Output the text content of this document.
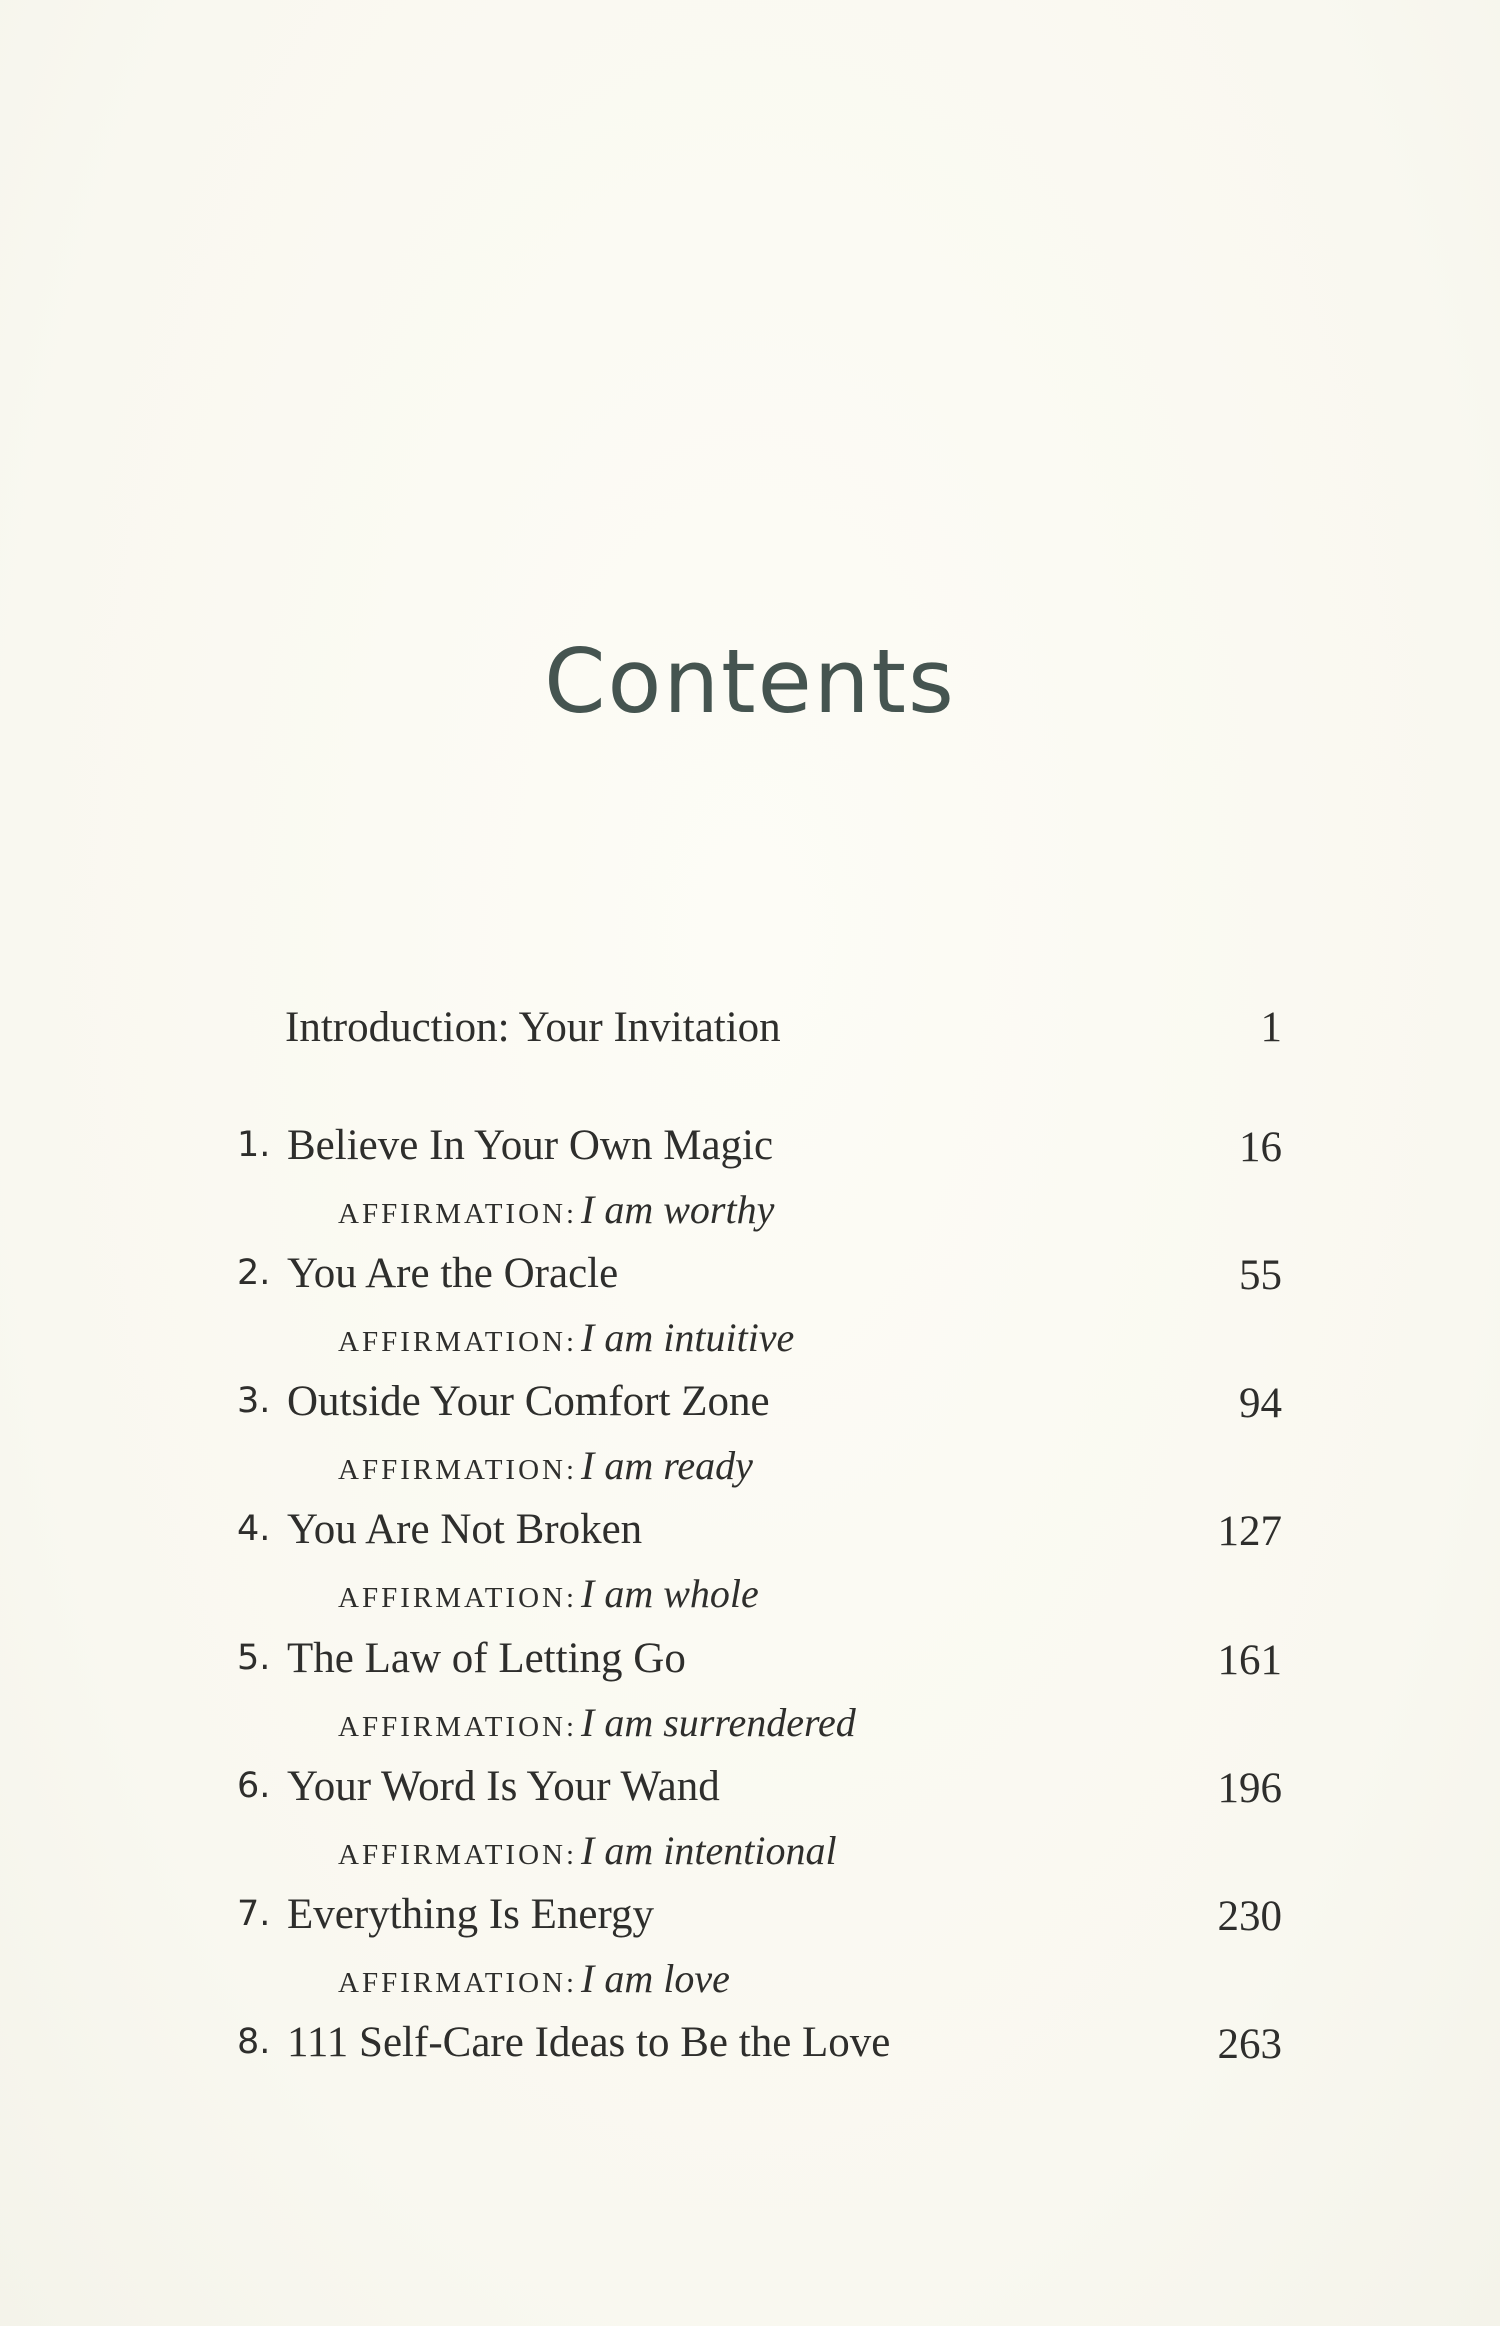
Contents
Introduction: Your Invitation	1
1. Believe In Your Own Magic	16
AFFIRMATION: I am worthy
2. You Are the Oracle	55
AFFIRMATION: I am intuitive
3. Outside Your Comfort Zone	94
AFFIRMATION: I am ready
4. You Are Not Broken	127
AFFIRMATION: I am whole
5. The Law of Letting Go	161
AFFIRMATION: I am surrendered
6. Your Word Is Your Wand	196
AFFIRMATION: I am intentional
7. Everything Is Energy	230
AFFIRMATION: I am love
8. 111 Self-Care Ideas to Be the Love	263
